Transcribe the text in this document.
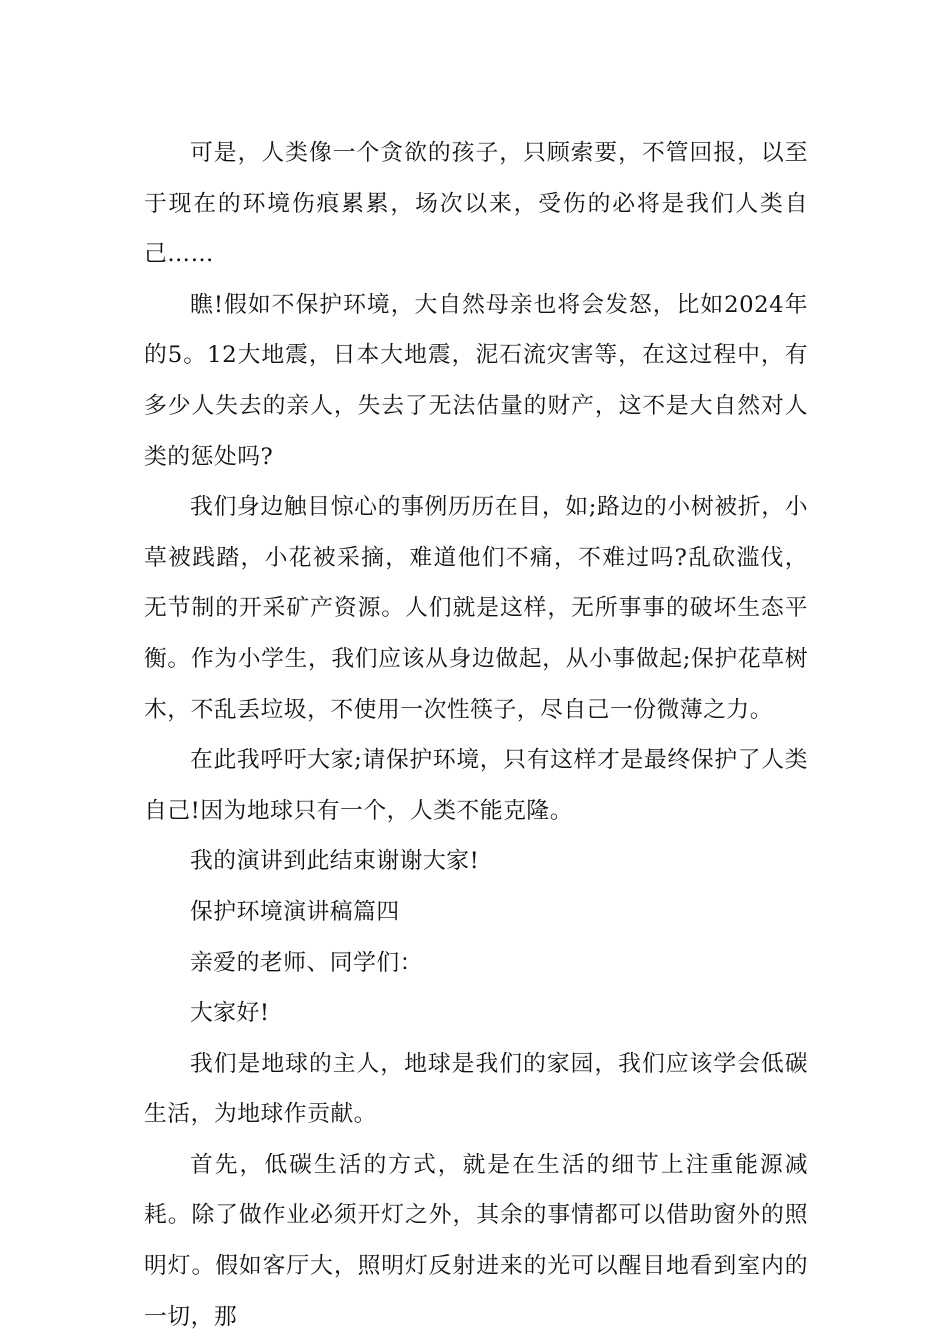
可是，人类像一个贪欲的孩子，只顾索要，不管回报，以至于现在的环境伤痕累累，场次以来，受伤的必将是我们人类自己……

瞧!假如不保护环境，大自然母亲也将会发怒，比如2024年的5。12大地震，日本大地震，泥石流灾害等，在这过程中，有多少人失去的亲人，失去了无法估量的财产，这不是大自然对人类的惩处吗?

我们身边触目惊心的事例历历在目，如;路边的小树被折，小草被践踏，小花被采摘，难道他们不痛，不难过吗?乱砍滥伐，无节制的开采矿产资源。人们就是这样，无所事事的破坏生态平衡。作为小学生，我们应该从身边做起，从小事做起;保护花草树木，不乱丢垃圾，不使用一次性筷子，尽自己一份微薄之力。

在此我呼吁大家;请保护环境，只有这样才是最终保护了人类自己!因为地球只有一个，人类不能克隆。

我的演讲到此结束谢谢大家!

保护环境演讲稿篇四

亲爱的老师、同学们：

大家好!

我们是地球的主人，地球是我们的家园，我们应该学会低碳生活，为地球作贡献。

首先，低碳生活的方式，就是在生活的细节上注重能源减耗。除了做作业必须开灯之外，其余的事情都可以借助窗外的照明灯。假如客厅大，照明灯反射进来的光可以醒目地看到室内的一切，那
